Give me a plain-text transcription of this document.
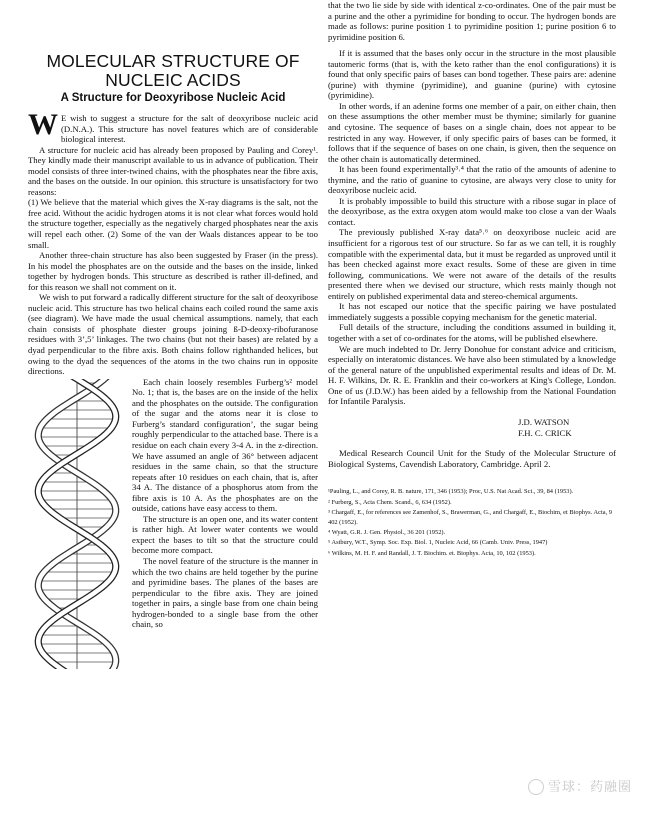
MOLECULAR STRUCTURE OF NUCLEIC ACIDS
A Structure for Deoxyribose Nucleic Acid

W E wish to suggest a structure for the salt of deoxyribose nucleic acid (D.N.A.). This structure has novel features which are of considerable biological interest.

A structure for nucleic acid has already been proposed by Pauling and Corey¹. They kindly made their manuscript available to us in advance of publication. Their model consists of three inter-twined chains, with the phosphates near the fibre axis, and the bases on the outside. In our opinion. this structure is unsatisfactory for two reasons:

(1) We believe that the material which gives the X-ray diagrams is the salt, not the free acid. Without the acidic hydrogen atoms it is not clear what forces would hold the structure together, especially as the negatively charged phosphates near the axis will repel each other. (2) Some of the van der Waals distances appear to be too small.

Another three-chain structure has also been suggested by Fraser (in the press). In his model the phosphates are on the outside and the bases on the inside, linked together by hydrogen bonds. This structure as described is rather ill-defined, and for this reason we shall not comment on it.

We wish to put forward a radically different structure for the salt of deoxyribose nucleic acid. This structure has two helical chains each coiled round the same axis (see diagram). We have made the usual chemical assumptions. namely, that each chain consists of phosphate diester groups joining ß-D-deoxy-ribofuranose residues with 3’,5’ linkages. The two chains (but not their bases) are related by a dyad perpendicular to the fibre axis. Both chains follow righthanded helices, but owing to the dyad the sequences of the atoms in the two chains run in opposite directions.

Each chain loosely resembles Furberg’s² model No. 1; that is, the bases are on the inside of the helix and the phosphates on the outside. The configuration of the sugar and the atoms near it is close to Furberg’s standard configuration’, the sugar being roughly perpendicular to the attached base. There is a residue on each chain every 3-4 A. in the z-direction. We have assumed an angle of 36° between adjacent residues in the same chain, so that the structure repeats after 10 residues on each chain, that is, after 34 A. The distance of a phosphorus atom from the fibre axis is 10 A. As the phosphates are on the outside, cations have easy access to them.

The structure is an open one, and its water content is rather high. At lower water contents we would expect the bases to tilt so that the structure could become more compact.

The novel feature of the structure is the manner in which the two chains are held together by the purine and pyrimidine bases. The planes of the bases are perpendicular to the fibre axis. They are joined together in pairs, a single base from one chain being hydrogen-bonded to a single base from the other chain, so

that the two lie side by side with identical z-co-ordinates. One of the pair must be a purine and the other a pyrimidine for bonding to occur. The hydrogen bonds are made as follows: purine position 1 to pyrimidine position 1; purine position 6 to pyrimidine position 6.

If it is assumed that the bases only occur in the structure in the most plausible tautomeric forms (that is, with the keto rather than the enol configurations) it is found that only specific pairs of bases can bond together. These pairs are: adenine (purine) with thymine (pyrimidine), and guanine (purine) with cytosine (pyrimidine).

In other words, if an adenine forms one member of a pair, on either chain, then on these assumptions the other member must be thymine; similarly for guanine and cytosine. The sequence of bases on a single chain, does not appear to be restricted in any way. However, if only specific pairs of bases can be formed, it follows that if the sequence of bases on one chain, is given, then the sequence on the other chain is automatically determined.

It has been found experimentally³˒⁴ that the ratio of the amounts of adenine to thymine, and the ratio of guanine to cytosine, are always very close to unity for deoxyribose nucleic acid.

It is probably impossible to build this structure with a ribose sugar in place of the deoxyribose, as the extra oxygen atom would make too close a van der Waals contact.

The previously published X-ray data⁵˒⁶ on deoxyribose nucleic acid are insufficient for a rigorous test of our structure. So far as we can tell, it is roughly compatible with the experimental data, but it must be regarded as unproved until it has been checked against more exact results. Some of these are given in time following, communications. We were not aware of the details of the results presented there when we devised our structure, which rests mainly though not entirely on published experimental data and stereo-chemical arguments.

It has not escaped our notice that the specific pairing we have postulated immediately suggests a possible copying mechanism for the genetic material.

Full details of the structure, including the conditions assumed in building it, together with a set of co-ordinates for the atoms, will be published elsewhere.

We are much indebted to Dr. Jerry Donohue for constant advice and criticism, especially on interatomic distances. We have also been stimulated by a knowledge of the general nature of the unpublished experimental results and ideas of Dr. M. H. F. Wilkins, Dr. R. E. Franklin and their co-workers at King's College, London. One of us (J.D.W.) has been aided by a fellowship from the National Foundation for Infantile Paralysis.

J.D. WATSON
F.H. C. CRICK

Medical Research Council Unit for the Study of the Molecular Structure of Biological Systems, Cavendish Laboratory, Cambridge. April 2.

¹Pauling, L., and Corey, R. B. nature, 171, 346 (1953); Proc, U.S. Nat Acad. Sci., 39, 84 (1953).

² Furberg, S., Acta Chem. Scand., 6, 634 (1952).

³ Chargaff, E., for references see Zamenhof, S., Brawerman, G., and Chargaff, E., Biochim, et Biophys. Acta, 9 402 (1952).

⁴ Wyatt, G.R. J. Gen. Physiol., 36 201 (1952).

⁵ Astbury, W.T., Symp. Soc. Exp. Biol. 1, Nucleic Acid, 66 (Camb. Univ. Press, 1947)

⁶ Wilkins, M. H. F. and Randall, J. T. Biochim. et. Biophys. Acta, 10, 102 (1953).

雪球：药融圈
